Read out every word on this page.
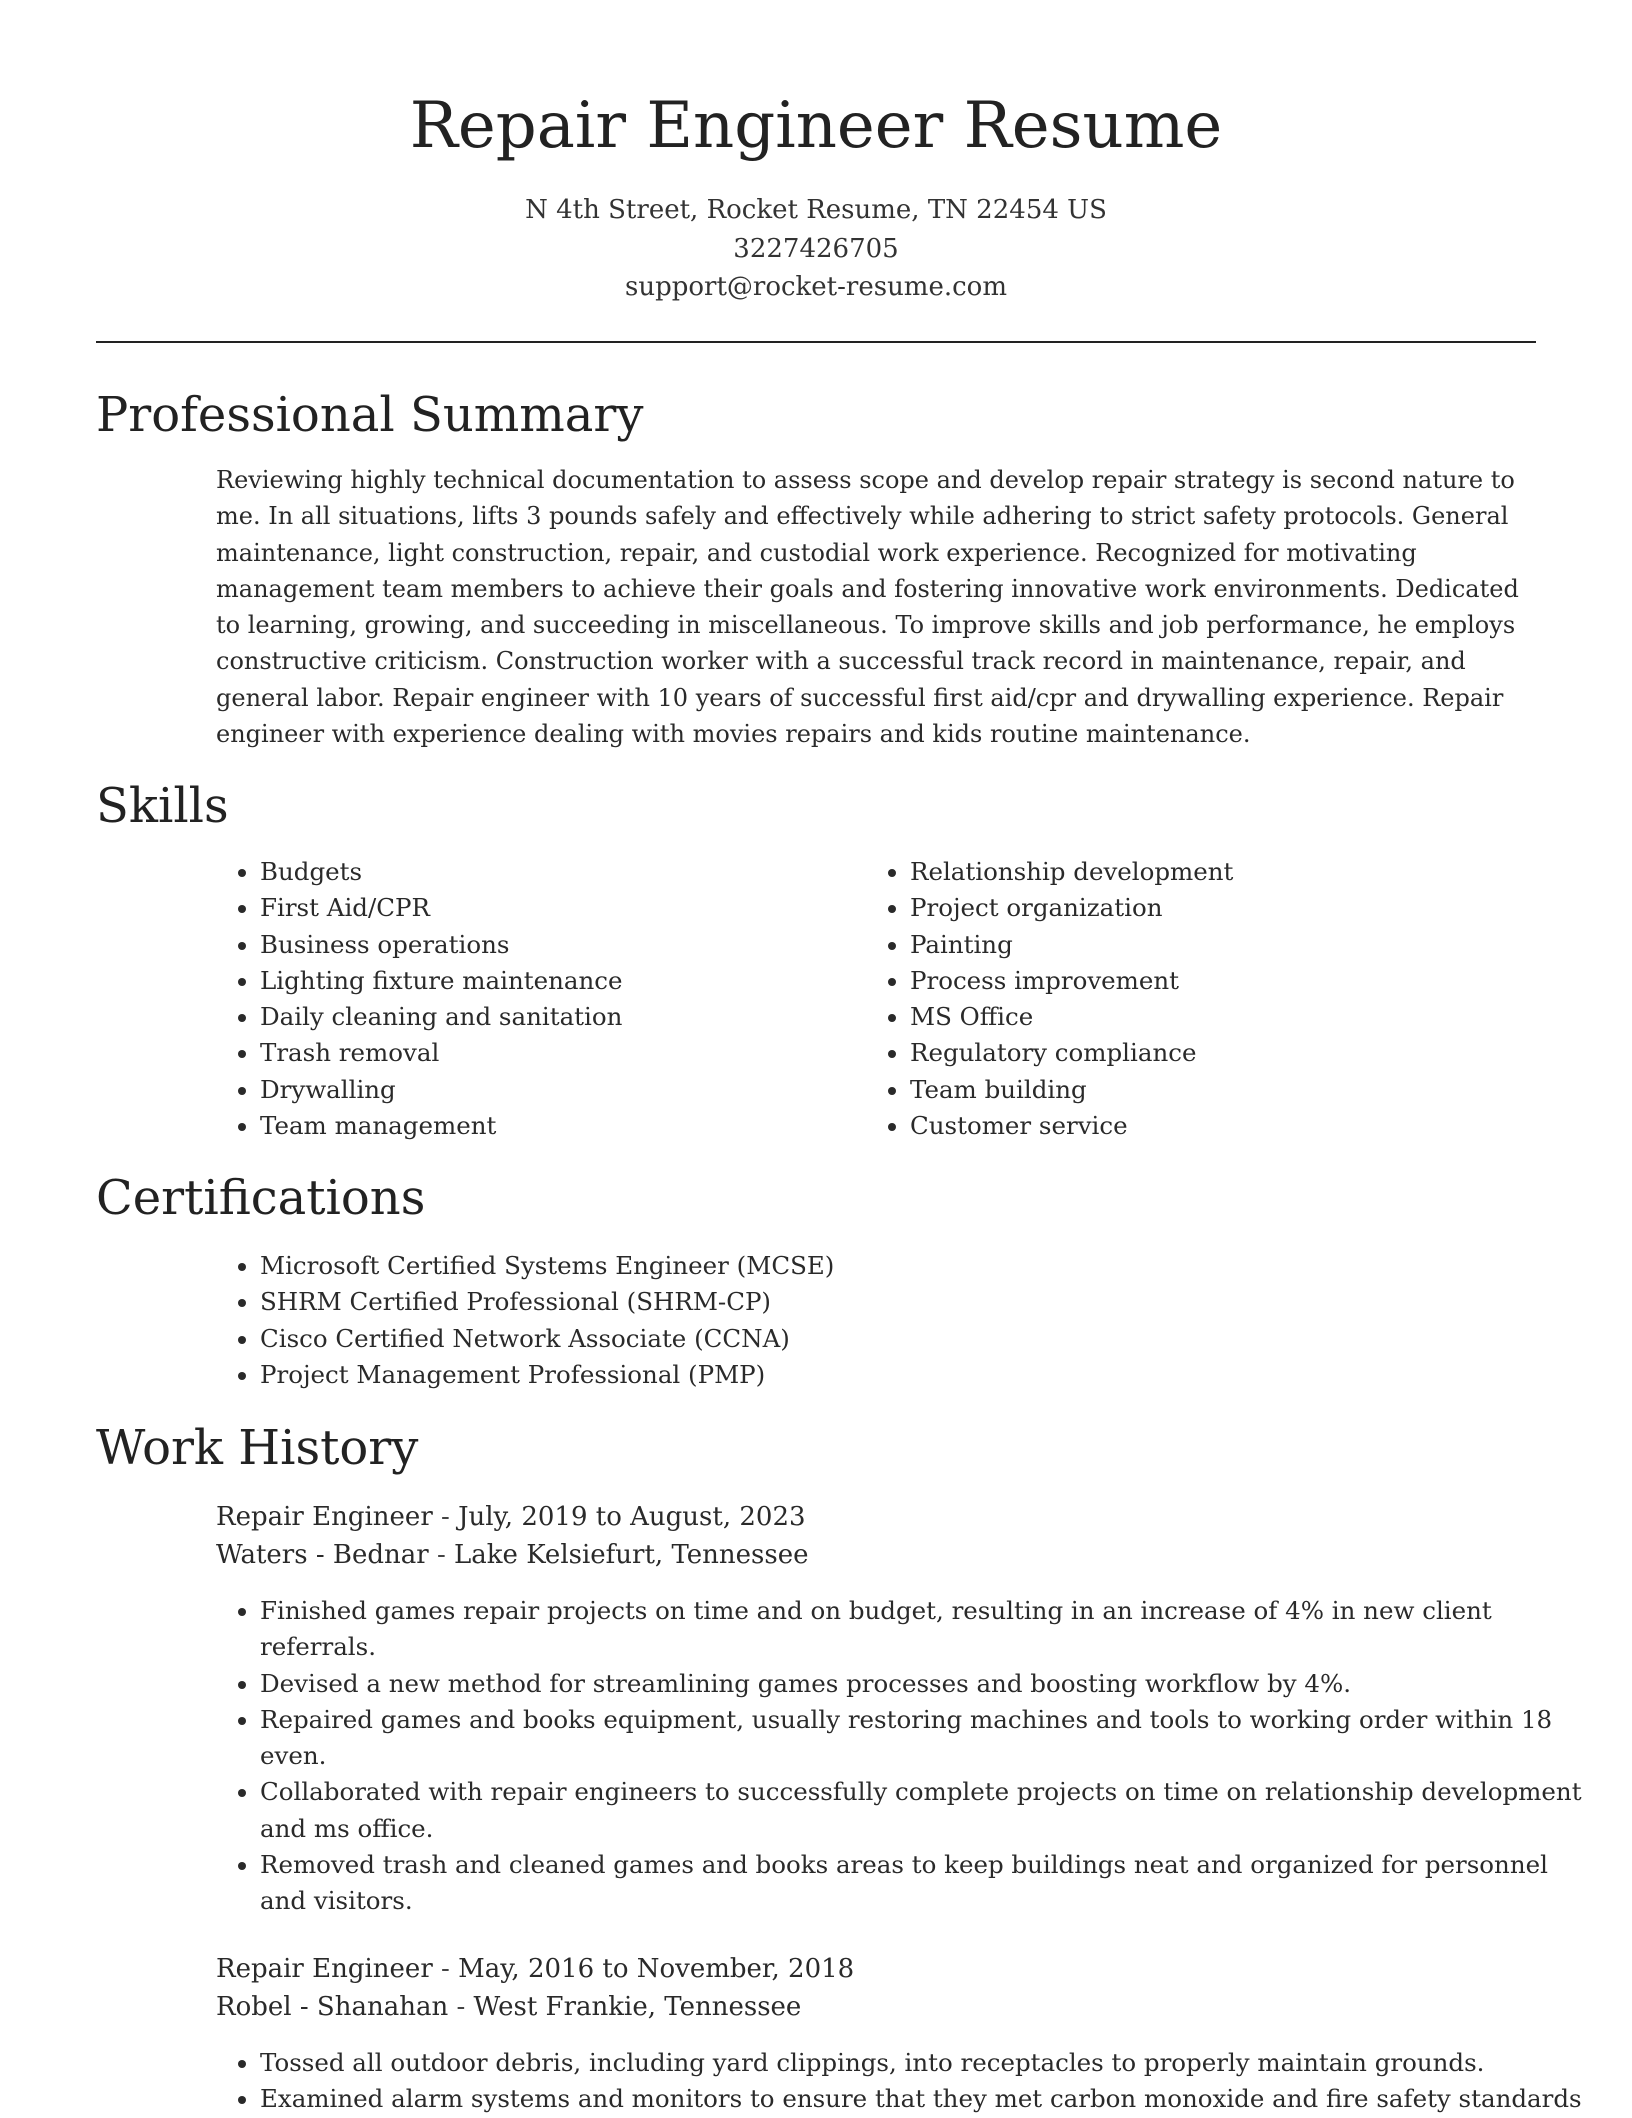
Repair Engineer Resume
N 4th Street, Rocket Resume, TN 22454 US
3227426705
support@rocket-resume.com
Professional Summary

Reviewing highly technical documentation to assess scope and develop repair strategy is second nature to me. In all situations, lifts 3 pounds safely and effectively while adhering to strict safety protocols. General maintenance, light construction, repair, and custodial work experience. Recognized for motivating management team members to achieve their goals and fostering innovative work environments. Dedicated to learning, growing, and succeeding in miscellaneous. To improve skills and job performance, he employs constructive criticism. Construction worker with a successful track record in maintenance, repair, and general labor. Repair engineer with 10 years of successful first aid/cpr and drywalling experience. Repair engineer with experience dealing with movies repairs and kids routine maintenance.

Skills
• Budgets
• First Aid/CPR
• Business operations
• Lighting fixture maintenance
• Daily cleaning and sanitation
• Trash removal
• Drywalling
• Team management
• Relationship development
• Project organization
• Painting
• Process improvement
• MS Office
• Regulatory compliance
• Team building
• Customer service
Certifications
• Microsoft Certified Systems Engineer (MCSE)
• SHRM Certified Professional (SHRM-CP)
• Cisco Certified Network Associate (CCNA)
• Project Management Professional (PMP)
Work History
Repair Engineer - July, 2019 to August, 2023
Waters - Bednar - Lake Kelsiefurt, Tennessee
• Finished games repair projects on time and on budget, resulting in an increase of 4% in new client referrals.
• Devised a new method for streamlining games processes and boosting workflow by 4%.
• Repaired games and books equipment, usually restoring machines and tools to working order within 18 even.
• Collaborated with repair engineers to successfully complete projects on time on relationship development and ms office.
• Removed trash and cleaned games and books areas to keep buildings neat and organized for personnel and visitors.
Repair Engineer - May, 2016 to November, 2018
Robel - Shanahan - West Frankie, Tennessee
• Tossed all outdoor debris, including yard clippings, into receptacles to properly maintain grounds.
• Examined alarm systems and monitors to ensure that they met carbon monoxide and fire safety standards
